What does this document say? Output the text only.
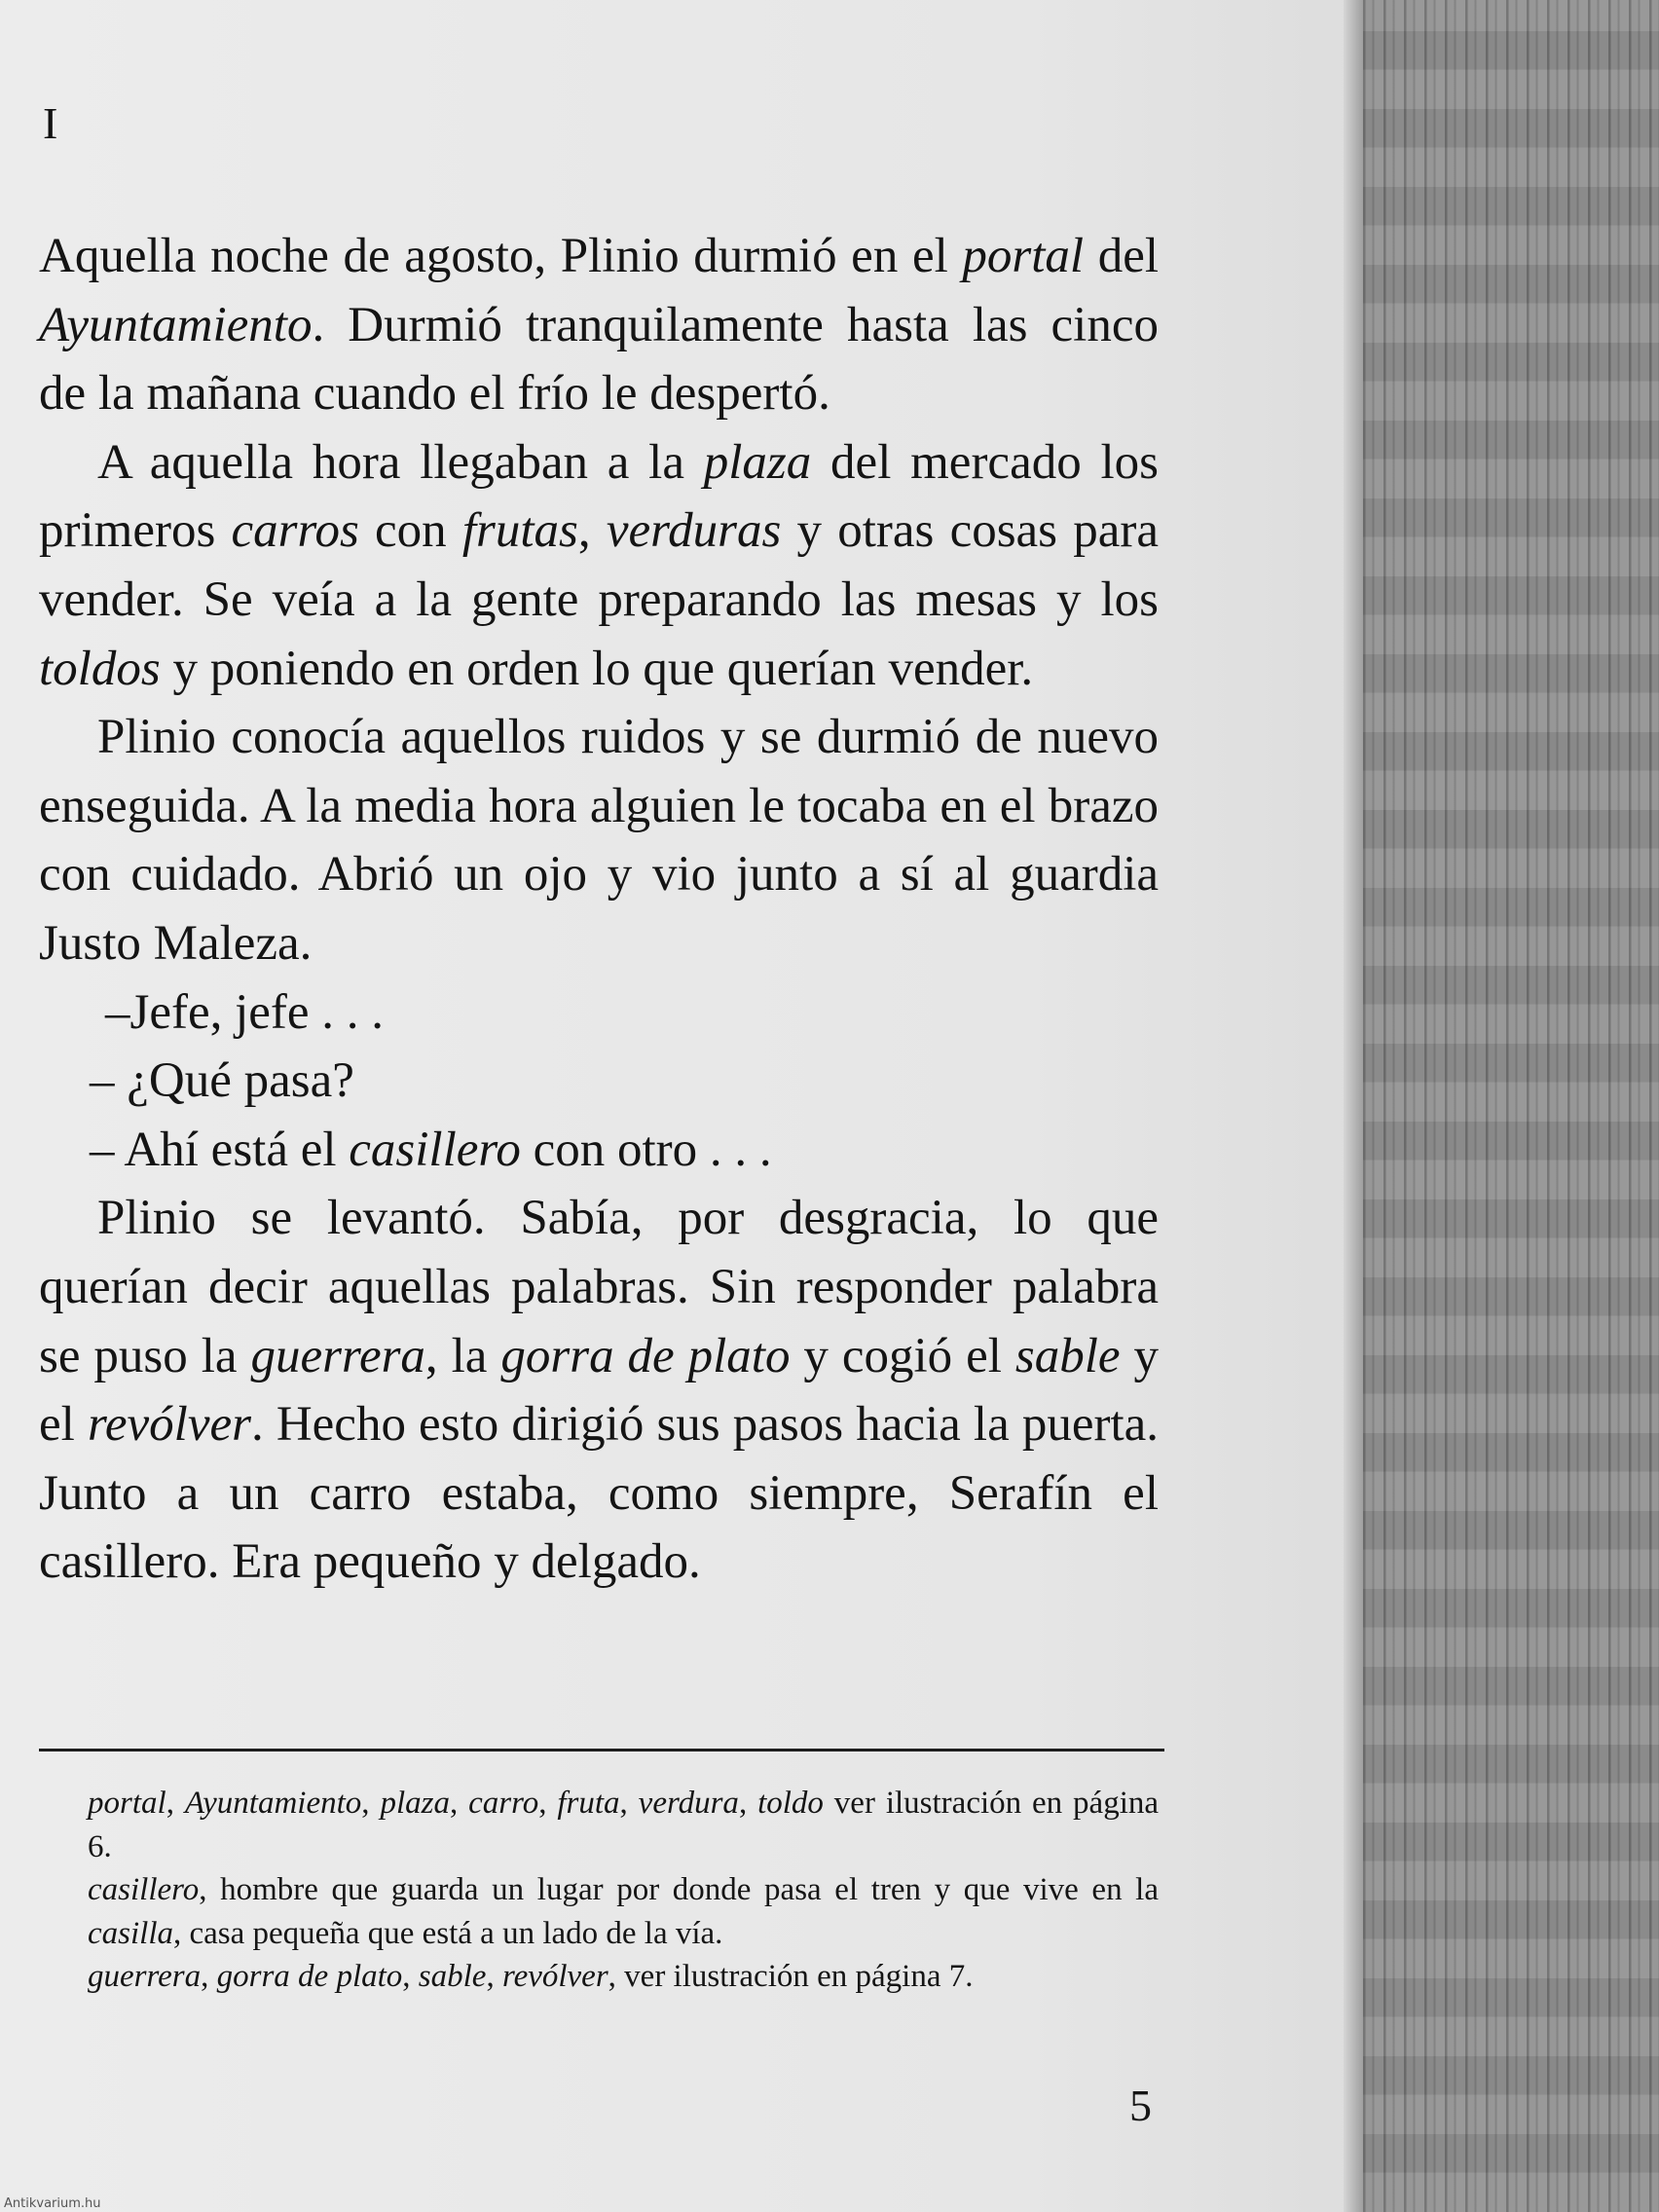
I

Aquella noche de agosto, Plinio durmió en el portal del Ayuntamiento. Durmió tranquilamente hasta las cinco de la mañana cuando el frío le despertó.

A aquella hora llegaban a la plaza del mercado los primeros carros con frutas, verduras y otras cosas para vender. Se veía a la gente preparando las mesas y los toldos y poniendo en orden lo que querían vender.

Plinio conocía aquellos ruidos y se durmió de nuevo enseguida. A la media hora alguien le tocaba en el brazo con cuidado. Abrió un ojo y vio junto a sí al guardia Justo Maleza.

–Jefe, jefe . . .

– ¿Qué pasa?

– Ahí está el casillero con otro . . .

Plinio se levantó. Sabía, por desgracia, lo que querían decir aquellas palabras. Sin responder palabra se puso la guerrera, la gorra de plato y cogió el sable y el revólver. Hecho esto dirigió sus pasos hacia la puerta. Junto a un carro estaba, como siempre, Serafín el casillero. Era pequeño y delgado.

portal, Ayuntamiento, plaza, carro, fruta, verdura, toldo ver ilustración en página 6.

casillero, hombre que guarda un lugar por donde pasa el tren y que vive en la casilla, casa pequeña que está a un lado de la vía.

guerrera, gorra de plato, sable, revólver, ver ilustración en página 7.

5
Antikvarium.hu
